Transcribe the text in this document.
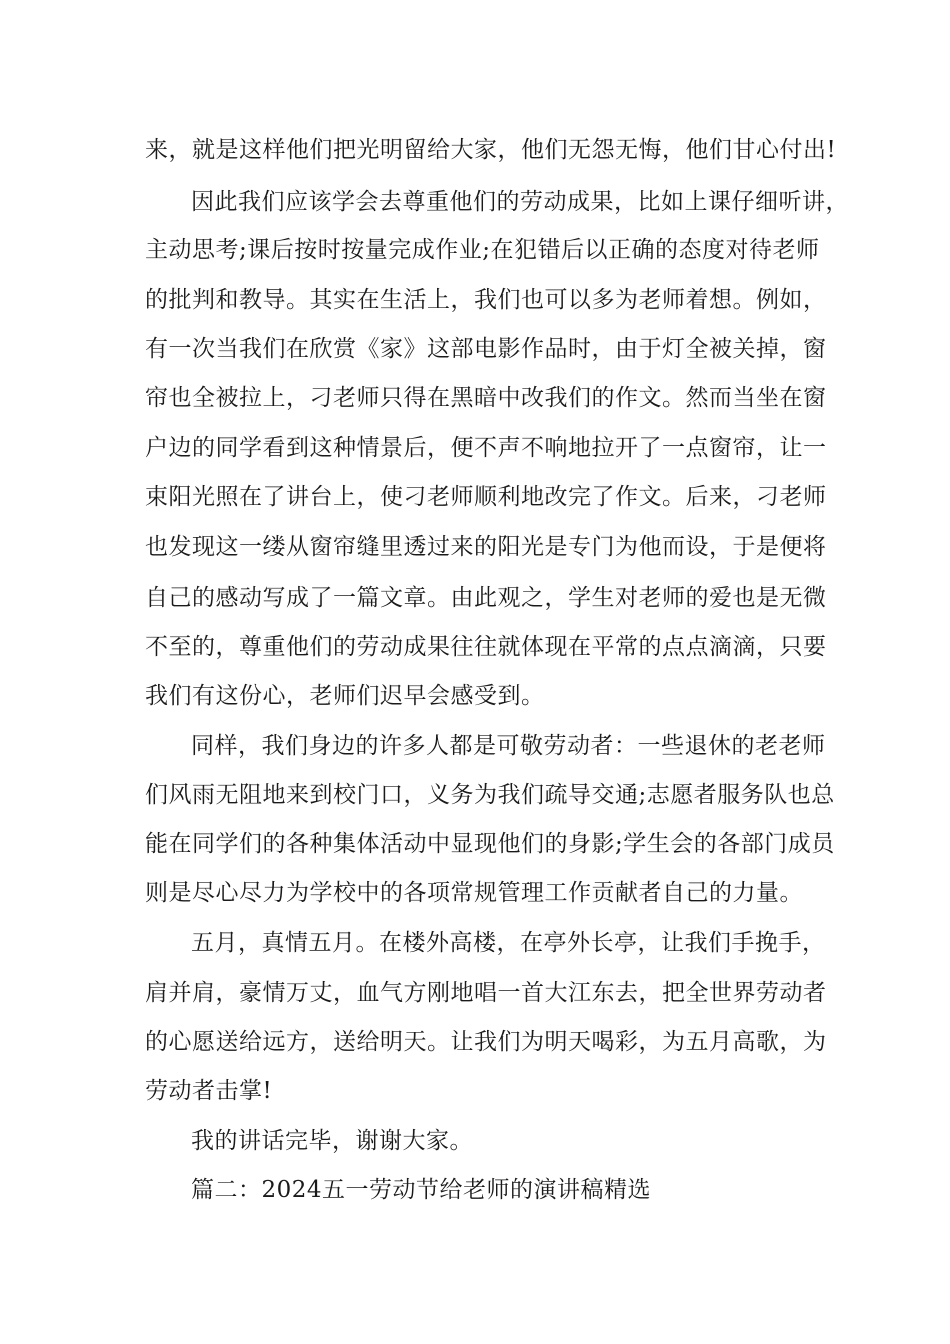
来，就是这样他们把光明留给大家，他们无怨无悔，他们甘心付出!
因此我们应该学会去尊重他们的劳动成果，比如上课仔细听讲，
主动思考;课后按时按量完成作业;在犯错后以正确的态度对待老师
的批判和教导。其实在生活上，我们也可以多为老师着想。例如，
有一次当我们在欣赏《家》这部电影作品时，由于灯全被关掉，窗
帘也全被拉上，刁老师只得在黑暗中改我们的作文。然而当坐在窗
户边的同学看到这种情景后，便不声不响地拉开了一点窗帘，让一
束阳光照在了讲台上，使刁老师顺利地改完了作文。后来，刁老师
也发现这一缕从窗帘缝里透过来的阳光是专门为他而设，于是便将
自己的感动写成了一篇文章。由此观之，学生对老师的爱也是无微
不至的，尊重他们的劳动成果往往就体现在平常的点点滴滴，只要
我们有这份心，老师们迟早会感受到。
同样，我们身边的许多人都是可敬劳动者：一些退休的老老师
们风雨无阻地来到校门口，义务为我们疏导交通;志愿者服务队也总
能在同学们的各种集体活动中显现他们的身影;学生会的各部门成员
则是尽心尽力为学校中的各项常规管理工作贡献者自己的力量。
五月，真情五月。在楼外高楼，在亭外长亭，让我们手挽手，
肩并肩，豪情万丈，血气方刚地唱一首大江东去，把全世界劳动者
的心愿送给远方，送给明天。让我们为明天喝彩，为五月高歌，为
劳动者击掌!
我的讲话完毕，谢谢大家。
篇二：2024五一劳动节给老师的演讲稿精选
